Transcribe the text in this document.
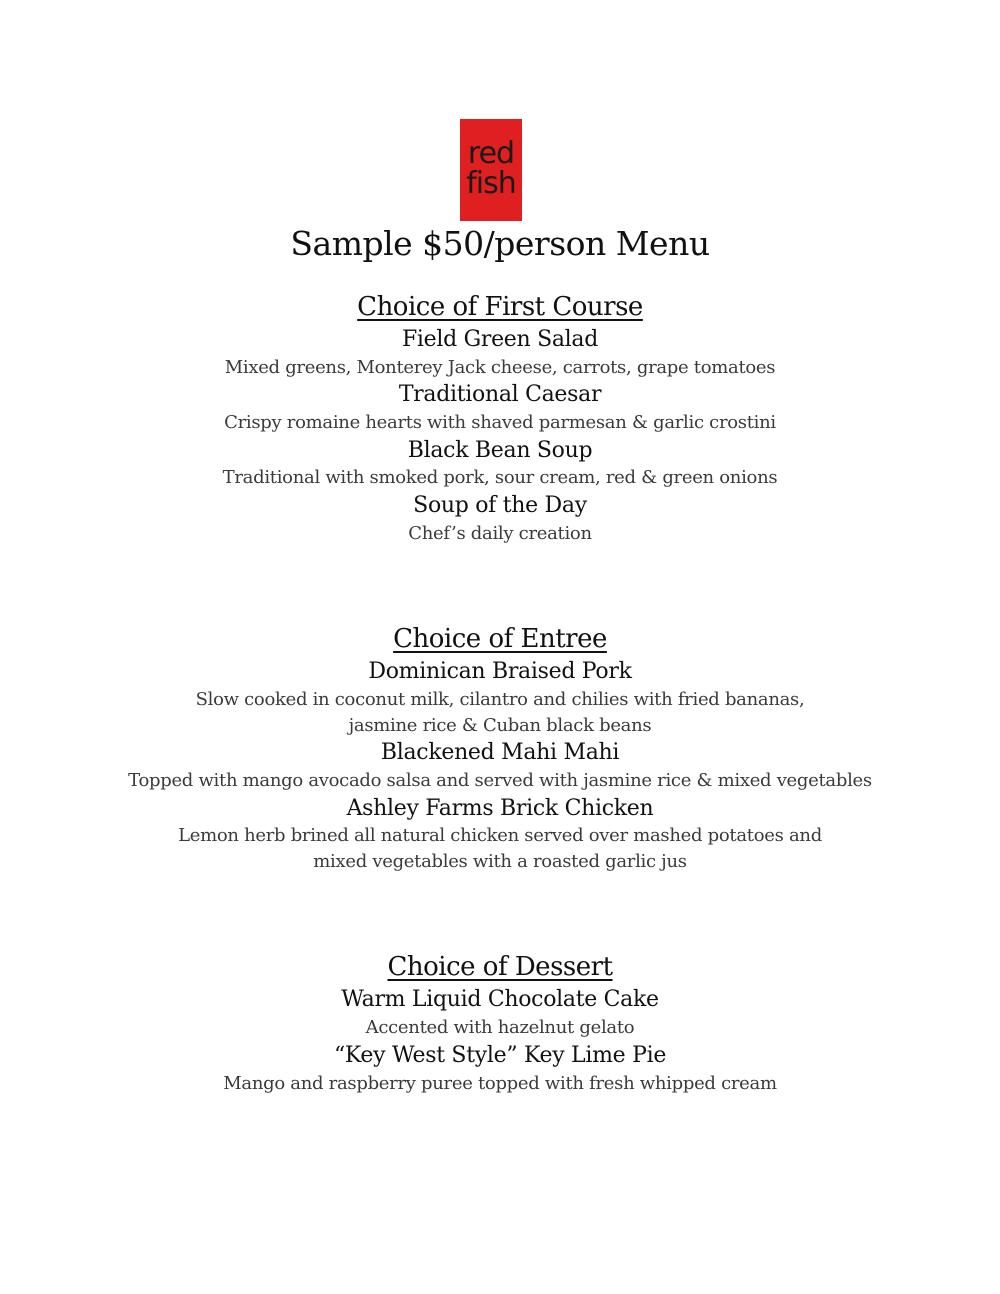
red
fish
Sample $50/person Menu
Choice of First Course
Field Green Salad
Mixed greens, Monterey Jack cheese, carrots, grape tomatoes
Traditional Caesar
Crispy romaine hearts with shaved parmesan & garlic crostini
Black Bean Soup
Traditional with smoked pork, sour cream, red & green onions
Soup of the Day
Chef’s daily creation
Choice of Entree
Dominican Braised Pork
Slow cooked in coconut milk, cilantro and chilies with fried bananas,
jasmine rice & Cuban black beans
Blackened Mahi Mahi
Topped with mango avocado salsa and served with jasmine rice & mixed vegetables
Ashley Farms Brick Chicken
Lemon herb brined all natural chicken served over mashed potatoes and
mixed vegetables with a roasted garlic jus
Choice of Dessert
Warm Liquid Chocolate Cake
Accented with hazelnut gelato
“Key West Style” Key Lime Pie
Mango and raspberry puree topped with fresh whipped cream
